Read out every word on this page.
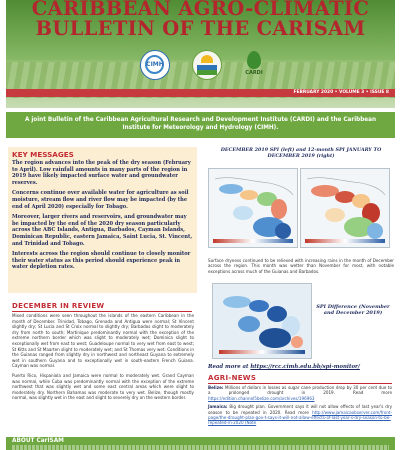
CARIBBEAN AGRO-CLIMATIC
BULLETIN OF THE CARISAM
CIMH
CARDI
FEBRUARY 2020 • VOLUME 3 • ISSUE 8
A joint Bulletin of the Caribbean Agricultural Research and Development Institute (CARDI) and the Caribbean Institute for Meteorology and Hydrology (CIMH).
KEY MESSAGES

The region advances into the peak of the dry season (February to April). Low rainfall amounts in many parts of the region in 2019 have likely impacted surface water and groundwater reserves.

Concerns continue over available water for agriculture as soil moisture, stream flow and river flow may be impacted (by the end of April 2020) especially for Tobago.

Moreover, larger rivers and reservoirs, and groundwater may be impacted by the end of the 2020 dry season particularly across the ABC Islands, Antigua, Barbados, Cayman Islands, Dominican Republic, eastern Jamaica, Saint Lucia, St. Vincent, and Trinidad and Tobago.

Interests across the region should continue to closely monitor their water status as this period should experience peak in water depletion rates.

DECEMBER IN REVIEW

Mixed conditions were seen throughout the islands of the eastern Caribbean in the month of December. Trinidad, Tobago, Grenada and Antigua were normal; St Vincent slightly dry; St Lucia and St Croix normal to slightly dry; Barbados slight to moderately dry from north to south; Martinique predominantly normal with the exception of the extreme northern border which was slight to moderately wet; Dominica slight to exceptionally wet from east to west; Guadeloupe normal to very wet from east to west; St Kitts and St Maarten slight to moderately wet; and St Thomas very wet. Conditions in the Guianas ranged from slightly dry in northwest and northeast Guyana to extremely wet in southern Guyana and to exceptionally wet in south-eastern French Guiana. Cayman was normal.

Puerto Rico, Hispaniola and Jamaica were normal to moderately wet. Grand Cayman was normal, while Cuba was predominantly normal with the exception of the extreme northwest that was slightly wet and some east central areas which were slight to moderately dry. Northern Bahamas was moderate to very wet. Belize, though mostly normal, was slightly wet in the east and slight to severely dry on the western border.

DECEMBER 2019 SPI (left) and 12-month SPI JANUARY TO DECEMBER 2019 (right)
Surface dryness continued to be relieved with increasing rains in the month of December across the region. This month was wetter than November for most, with notable exceptions across much of the Guianas and Barbados.
SPI Difference (November and December 2019)
Read more at https://rcc.cimh.edu.bb/spi-monitor/
AGRI-NEWS

Belize: Millions of dollars in losses as sugar cane production drop by 30 per cent due to a prolonged drought in 2019. Read more https://edition.channel5belize.com/archives/196963

Jamaica: Big drought plan. Government says it will not allow effects of last year's dry season to be repeated in 2020. Read more http://www.jamaicaobserver.com/front-page/the-drought-plan-gov-t-says-it-will-not-allow-effects-of-last-year-s-dry-season-to-be-repeated-in-2020 (Note

ABOUT CariSAM
